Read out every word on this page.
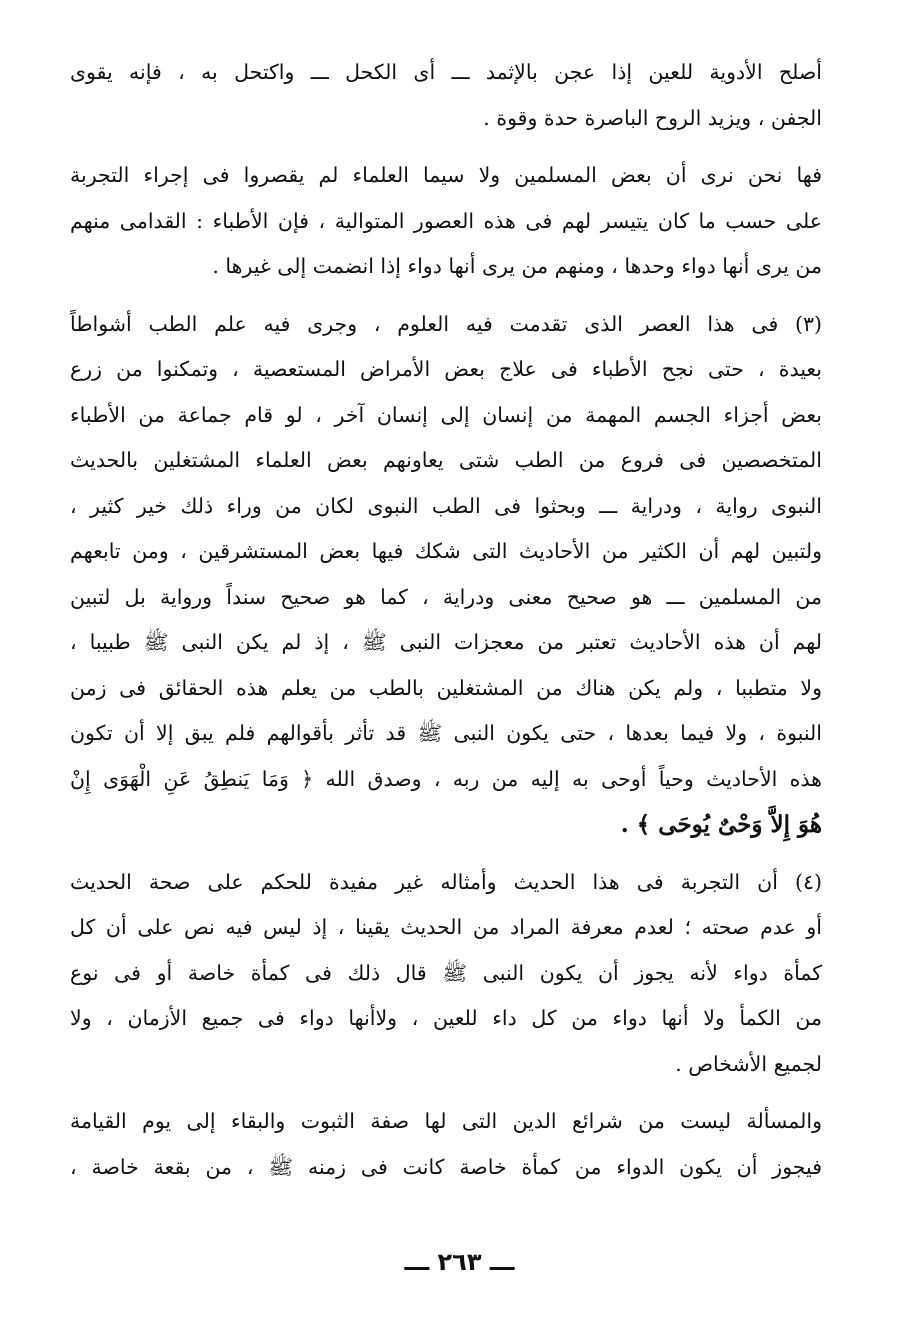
أصلح الأدوية للعين إذا عجن بالإثمد ـــ أى الكحل ـــ واكتحل به ، فإنه يقوى
الجفن ، ويزيد الروح الباصرة حدة وقوة .
فها نحن نرى أن بعض المسلمين ولا سيما العلماء لم يقصروا فى إجراء التجربة
على حسب ما كان يتيسر لهم فى هذه العصور المتوالية ، فإن الأطباء : القدامى منهم
من يرى أنها دواء وحدها ، ومنهم من يرى أنها دواء إذا انضمت إلى غيرها .
(٣) فى هذا العصر الذى تقدمت فيه العلوم ، وجرى فيه علم الطب أشواطاً
بعيدة ، حتى نجح الأطباء فى علاج بعض الأمراض المستعصية ، وتمكنوا من زرع
بعض أجزاء الجسم المهمة من إنسان إلى إنسان آخر ، لو قام جماعة من الأطباء
المتخصصين فى فروع من الطب شتى يعاونهم بعض العلماء المشتغلين بالحديث
النبوى رواية ، ودراية ـــ وبحثوا فى الطب النبوى لكان من وراء ذلك خير كثير ،
ولتبين لهم أن الكثير من الأحاديث التى شكك فيها بعض المستشرقين ، ومن تابعهم
من المسلمين ـــ هو صحيح معنى ودراية ، كما هو صحيح سنداً ورواية بل لتبين
لهم أن هذه الأحاديث تعتبر من معجزات النبى ﷺ ، إذ لم يكن النبى ﷺ طبيبا ،
ولا متطببا ، ولم يكن هناك من المشتغلين بالطب من يعلم هذه الحقائق فى زمن
النبوة ، ولا فيما بعدها ، حتى يكون النبى ﷺ قد تأثر بأقوالهم فلم يبق إلا أن تكون
هذه الأحاديث وحياً أوحى به إليه من ربه ، وصدق الله ﴿ وَمَا يَنطِقُ عَنِ الْهَوَى إِنْ
هُوَ إِلاَّ وَحْىٌ يُوحَى ﴾ .
(٤) أن التجربة فى هذا الحديث وأمثاله غير مفيدة للحكم على صحة الحديث
أو عدم صحته ؛ لعدم معرفة المراد من الحديث يقينا ، إذ ليس فيه نص على أن كل
كمأة دواء لأنه يجوز أن يكون النبى ﷺ قال ذلك فى كمأة خاصة أو فى نوع
من الكمأ ولا أنها دواء من كل داء للعين ، ولاأنها دواء فى جميع الأزمان ، ولا
لجميع الأشخاص .
والمسألة ليست من شرائع الدين التى لها صفة الثبوت والبقاء إلى يوم القيامة
فيجوز أن يكون الدواء من كمأة خاصة كانت فى زمنه ﷺ ، من بقعة خاصة ،
ـــ ٢٦٣ ـــ
